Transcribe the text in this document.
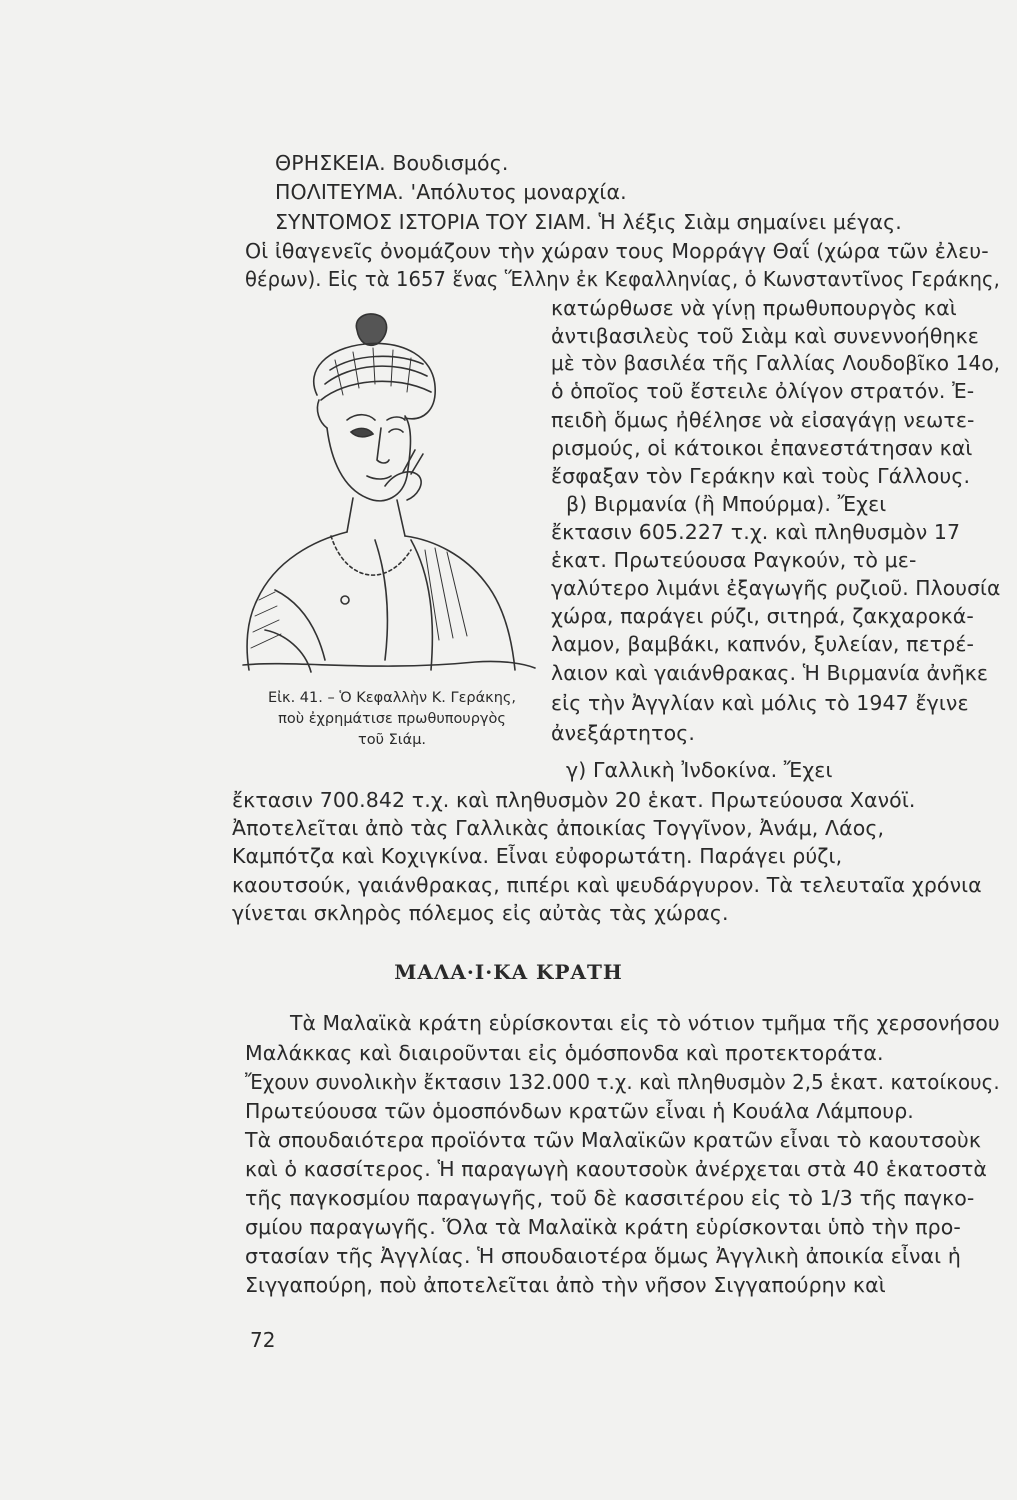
ΘΡΗΣΚΕΙΑ. Βουδισμός.
ΠΟΛΙΤΕΥΜΑ. 'Απόλυτος μοναρχία.
ΣΥΝΤΟΜΟΣ ΙΣΤΟΡΙΑ ΤΟΥ ΣΙΑΜ. Ἡ λέξις Σιὰμ σημαίνει μέγας.
Οἱ ἰθαγενεῖς ὀνομάζουν τὴν χώραν τους Μορράγγ Θαΐ (χώρα τῶν ἐλευ-
θέρων). Εἰς τὰ 1657 ἕνας Ἕλλην ἐκ Κεφαλληνίας, ὁ Κωνσταντῖνος Γεράκης,
κατώρθωσε νὰ γίνῃ πρωθυπουργὸς καὶ
ἀντιβασιλεὺς τοῦ Σιὰμ καὶ συνεννοήθηκε
μὲ τὸν βασιλέα τῆς Γαλλίας Λουδοβῖκο 14ο,
ὁ ὁποῖος τοῦ ἔστειλε ὀλίγον στρατόν. Ἐ-
πειδὴ ὅμως ἠθέλησε νὰ εἰσαγάγῃ νεωτε-
ρισμούς, οἱ κάτοικοι ἐπανεστάτησαν καὶ
ἔσφαξαν τὸν Γεράκην καὶ τοὺς Γάλλους.
β) Βιρμανία (ἢ Μπούρμα). Ἔχει
ἔκτασιν 605.227 τ.χ. καὶ πληθυσμὸν 17
ἑκατ. Πρωτεύουσα Ραγκούν, τὸ με-
γαλύτερο λιμάνι ἐξαγωγῆς ρυζιοῦ. Πλουσία
χώρα, παράγει ρύζι, σιτηρά, ζακχαροκά-
λαμον, βαμβάκι, καπνόν, ξυλείαν, πετρέ-
λαιον καὶ γαιάνθρακας. Ἡ Βιρμανία ἀνῆκε
εἰς τὴν Ἀγγλίαν καὶ μόλις τὸ 1947 ἔγινε
ἀνεξάρτητος.
Εἰκ. 41. – Ὁ Κεφαλλὴν Κ. Γεράκης,
ποὺ ἐχρημάτισε πρωθυπουργὸς
τοῦ Σιάμ.
γ) Γαλλικὴ Ἰνδοκίνα. Ἔχει
ἔκτασιν 700.842 τ.χ. καὶ πληθυσμὸν 20 ἑκατ. Πρωτεύουσα Χανόϊ.
Ἀποτελεῖται ἀπὸ τὰς Γαλλικὰς ἀποικίας Τογγῖνον, Ἀνάμ, Λάος,
Καμπότζα καὶ Κοχιγκίνα. Εἶναι εὐφορωτάτη. Παράγει ρύζι,
καουτσούκ, γαιάνθρακας, πιπέρι καὶ ψευδάργυρον. Τὰ τελευταῖα χρόνια
γίνεται σκληρὸς πόλεμος εἰς αὐτὰς τὰς χώρας.
ΜΑΛΑ·Ι·ΚΑ ΚΡΑΤΗ
Τὰ Μαλαϊκὰ κράτη εὑρίσκονται εἰς τὸ νότιον τμῆμα τῆς χερσονήσου
Μαλάκκας καὶ διαιροῦνται εἰς ὁμόσπονδα καὶ προτεκτοράτα.
Ἔχουν συνολικὴν ἔκτασιν 132.000 τ.χ. καὶ πληθυσμὸν 2,5 ἑκατ. κατοίκους.
Πρωτεύουσα τῶν ὁμοσπόνδων κρατῶν εἶναι ἡ Κουάλα Λάμπουρ.
Τὰ σπουδαιότερα προϊόντα τῶν Μαλαϊκῶν κρατῶν εἶναι τὸ καουτσοὺκ
καὶ ὁ κασσίτερος. Ἡ παραγωγὴ καουτσοὺκ ἀνέρχεται στὰ 40 ἑκατοστὰ
τῆς παγκοσμίου παραγωγῆς, τοῦ δὲ κασσιτέρου εἰς τὸ 1/3 τῆς παγκο-
σμίου παραγωγῆς. Ὅλα τὰ Μαλαϊκὰ κράτη εὑρίσκονται ὑπὸ τὴν προ-
στασίαν τῆς Ἀγγλίας. Ἡ σπουδαιοτέρα ὅμως Ἀγγλικὴ ἀποικία εἶναι ἡ
Σιγγαπούρη, ποὺ ἀποτελεῖται ἀπὸ τὴν νῆσον Σιγγαπούρην καὶ
72
